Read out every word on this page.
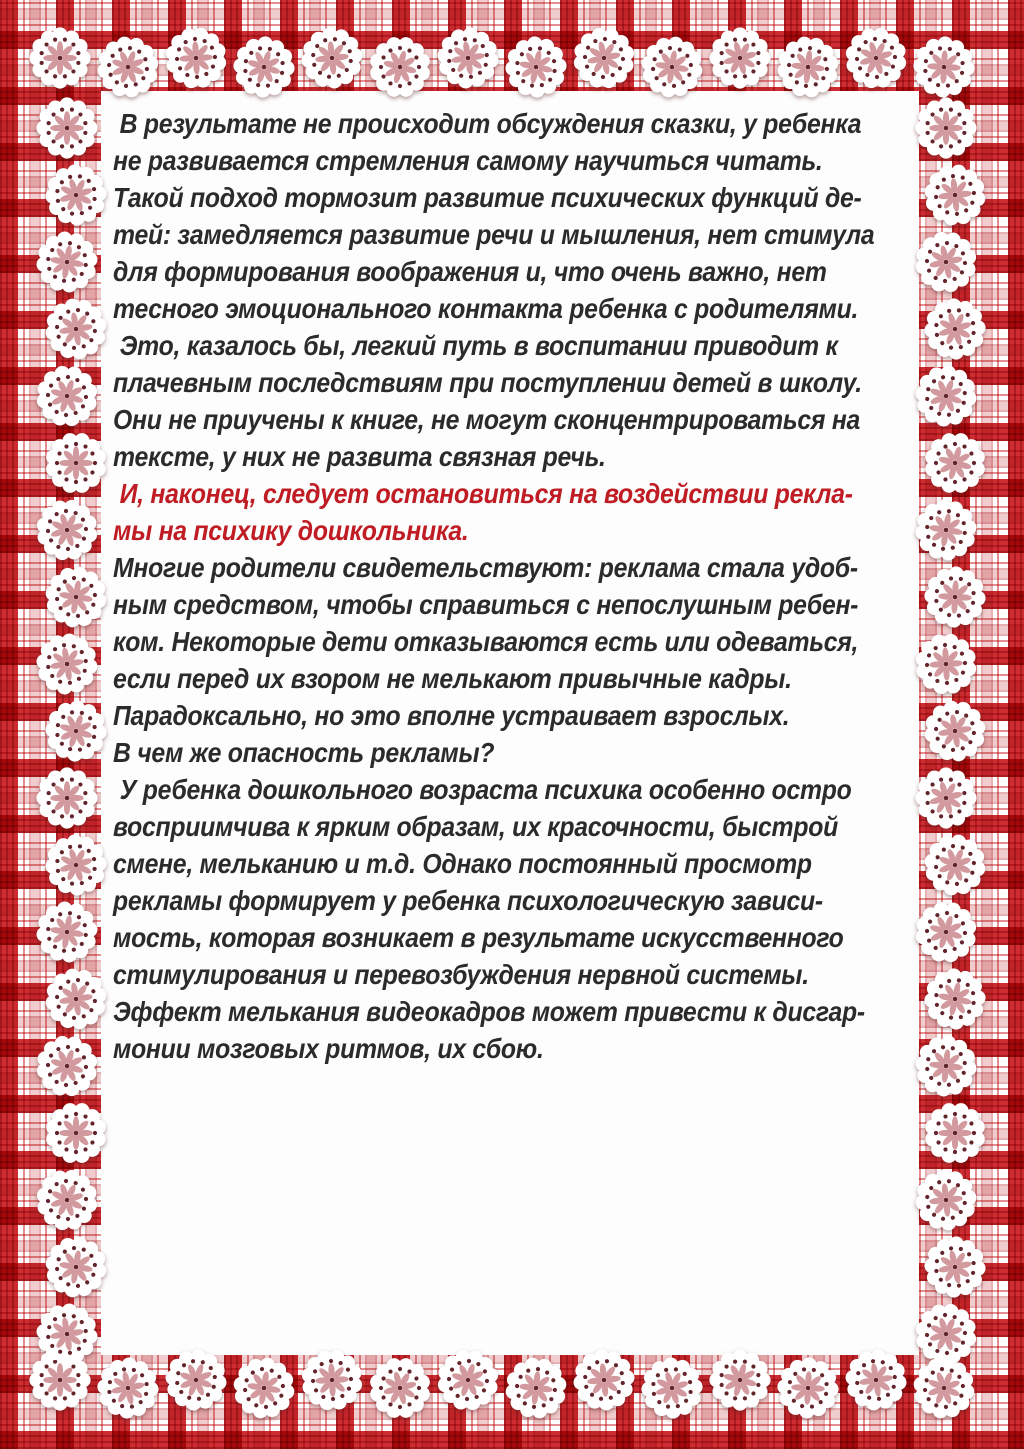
В результате не происходит обсуждения сказки, у ребенка
не развивается стремления самому научиться читать.
Такой подход тормозит развитие психических функций де-
тей: замедляется развитие речи и мышления, нет стимула
для формирования воображения и, что очень важно, нет
тесного эмоционального контакта ребенка с родителями.
Это, казалось бы, легкий путь в воспитании приводит к
плачевным последствиям при поступлении детей в школу.
Они не приучены к книге, не могут сконцентрироваться на
тексте, у них не развита связная речь.
И, наконец, следует остановиться на воздействии рекла-
мы на психику дошкольника.
Многие родители свидетельствуют: реклама стала удоб-
ным средством, чтобы справиться с непослушным ребен-
ком. Некоторые дети отказываются есть или одеваться,
если перед их взором не мелькают привычные кадры.
Парадоксально, но это вполне устраивает взрослых.
В чем же опасность рекламы?
У ребенка дошкольного возраста психика особенно остро
восприимчива к ярким образам, их красочности, быстрой
смене, мельканию и т.д. Однако постоянный просмотр
рекламы формирует у ребенка психологическую зависи-
мость, которая возникает в результате искусственного
стимулирования и перевозбуждения нервной системы.
Эффект мелькания видеокадров может привести к дисгар-
монии мозговых ритмов, их сбою.
